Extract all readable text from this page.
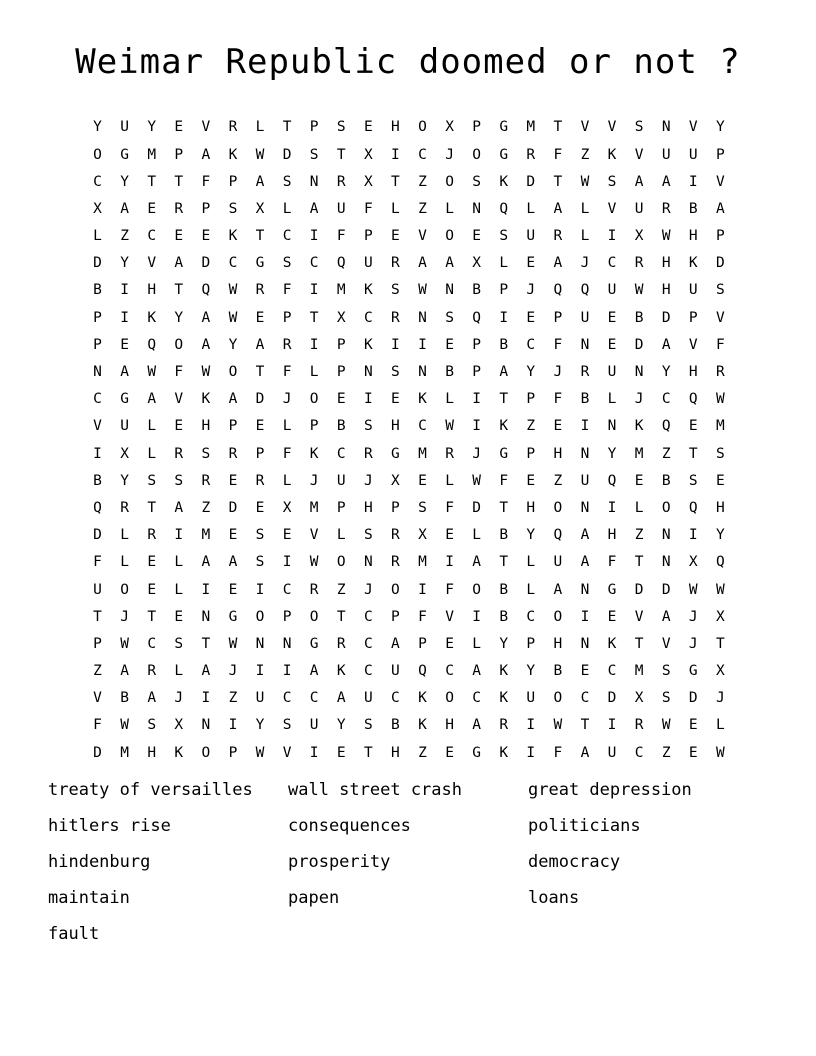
Weimar Republic doomed or not ?
Y	U	Y	E	V	R	L	T	P	S	E	H	O	X	P	G	M	T	V	V	S	N	V	Y
O	G	M	P	A	K	W	D	S	T	X	I	C	J	O	G	R	F	Z	K	V	U	U	P
C	Y	T	T	F	P	A	S	N	R	X	T	Z	O	S	K	D	T	W	S	A	A	I	V
X	A	E	R	P	S	X	L	A	U	F	L	Z	L	N	Q	L	A	L	V	U	R	B	A
L	Z	C	E	E	K	T	C	I	F	P	E	V	O	E	S	U	R	L	I	X	W	H	P
D	Y	V	A	D	C	G	S	C	Q	U	R	A	A	X	L	E	A	J	C	R	H	K	D
B	I	H	T	Q	W	R	F	I	M	K	S	W	N	B	P	J	Q	Q	U	W	H	U	S
P	I	K	Y	A	W	E	P	T	X	C	R	N	S	Q	I	E	P	U	E	B	D	P	V
P	E	Q	O	A	Y	A	R	I	P	K	I	I	E	P	B	C	F	N	E	D	A	V	F
N	A	W	F	W	O	T	F	L	P	N	S	N	B	P	A	Y	J	R	U	N	Y	H	R
C	G	A	V	K	A	D	J	O	E	I	E	K	L	I	T	P	F	B	L	J	C	Q	W
V	U	L	E	H	P	E	L	P	B	S	H	C	W	I	K	Z	E	I	N	K	Q	E	M
I	X	L	R	S	R	P	F	K	C	R	G	M	R	J	G	P	H	N	Y	M	Z	T	S
B	Y	S	S	R	E	R	L	J	U	J	X	E	L	W	F	E	Z	U	Q	E	B	S	E
Q	R	T	A	Z	D	E	X	M	P	H	P	S	F	D	T	H	O	N	I	L	O	Q	H
D	L	R	I	M	E	S	E	V	L	S	R	X	E	L	B	Y	Q	A	H	Z	N	I	Y
F	L	E	L	A	A	S	I	W	O	N	R	M	I	A	T	L	U	A	F	T	N	X	Q
U	O	E	L	I	E	I	C	R	Z	J	O	I	F	O	B	L	A	N	G	D	D	W	W
T	J	T	E	N	G	O	P	O	T	C	P	F	V	I	B	C	O	I	E	V	A	J	X
P	W	C	S	T	W	N	N	G	R	C	A	P	E	L	Y	P	H	N	K	T	V	J	T
Z	A	R	L	A	J	I	I	A	K	C	U	Q	C	A	K	Y	B	E	C	M	S	G	X
V	B	A	J	I	Z	U	C	C	A	U	C	K	O	C	K	U	O	C	D	X	S	D	J
F	W	S	X	N	I	Y	S	U	Y	S	B	K	H	A	R	I	W	T	I	R	W	E	L
D	M	H	K	O	P	W	V	I	E	T	H	Z	E	G	K	I	F	A	U	C	Z	E	W
treaty of versailles	wall street crash	great depression
hitlers rise	consequences	politicians
hindenburg	prosperity	democracy
maintain	papen	loans
fault
